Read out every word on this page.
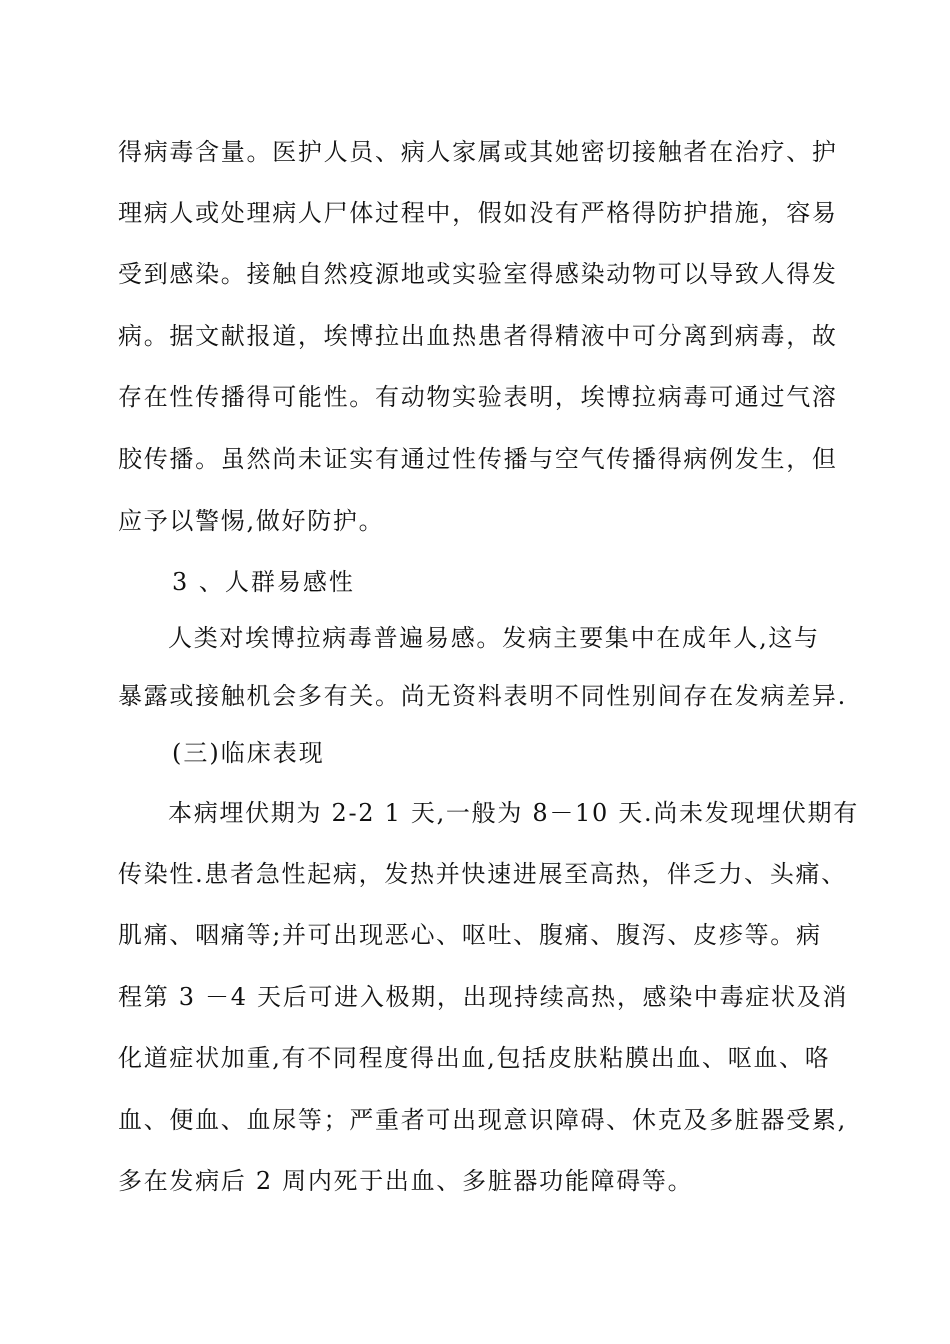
得病毒含量。医护人员、病人家属或其她密切接触者在治疗、护
理病人或处理病人尸体过程中，假如没有严格得防护措施，容易
受到感染。接触自然疫源地或实验室得感染动物可以导致人得发
病。据文献报道，埃博拉出血热患者得精液中可分离到病毒，故
存在性传播得可能性。有动物实验表明，埃博拉病毒可通过气溶
胶传播。虽然尚未证实有通过性传播与空气传播得病例发生，但
应予以警惕,做好防护。
3 、人群易感性
人类对埃博拉病毒普遍易感。发病主要集中在成年人,这与
暴露或接触机会多有关。尚无资料表明不同性别间存在发病差异.
(三)临床表现
本病埋伏期为 2-2 1 天,一般为 8－10 天.尚未发现埋伏期有
传染性.患者急性起病，发热并快速进展至高热，伴乏力、头痛、
肌痛、咽痛等;并可出现恶心、呕吐、腹痛、腹泻、皮疹等。病
程第 3 －4 天后可进入极期，出现持续高热，感染中毒症状及消
化道症状加重,有不同程度得出血,包括皮肤粘膜出血、呕血、咯
血、便血、血尿等；严重者可出现意识障碍、休克及多脏器受累,
多在发病后 2 周内死于出血、多脏器功能障碍等。
